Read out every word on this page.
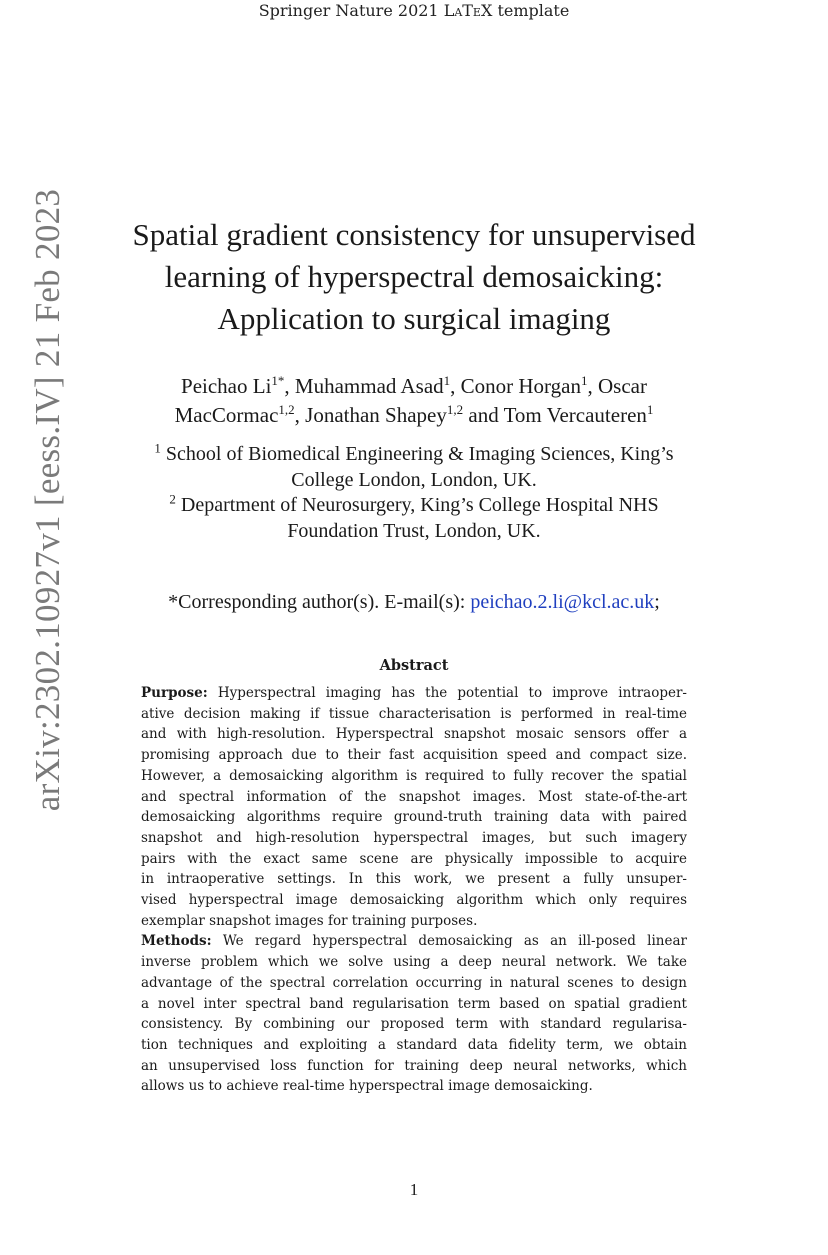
Springer Nature 2021 LaTeX template
arXiv:2302.10927v1 [eess.IV] 21 Feb 2023	Spatial gradient consistency for unsupervised
learning of hyperspectral demosaicking:
Application to surgical imaging
Peichao $Li^{1*}$, Muhammad Asad$^1$, Conor Horgan$^1$, Oscar
MacCormac$^{1,2}$, Jonathan Shapey$^{1,2}$ and Tom Vercauteren$^1$
$^1$ School of Biomedical Engineering & Imaging Sciences, King’s
College London, London, UK.
$^2$ Department of Neurosurgery, King’s College Hospital NHS
Foundation Trust, London, UK.
*Corresponding author(s). E-mail(s): peichao.2.li@kcl.ac.uk;
Abstract
Purpose: Hyperspectral imaging has the potential to improve intraoper-
ative decision making if tissue characterisation is performed in real-time
and with high-resolution. Hyperspectral snapshot mosaic sensors offer a
promising approach due to their fast acquisition speed and compact size.
However, a demosaicking algorithm is required to fully recover the spatial
and spectral information of the snapshot images. Most state-of-the-art
demosaicking algorithms require ground-truth training data with paired
snapshot and high-resolution hyperspectral images, but such imagery
pairs with the exact same scene are physically impossible to acquire
in intraoperative settings. In this work, we present a fully unsuper-
vised hyperspectral image demosaicking algorithm which only requires
exemplar snapshot images for training purposes.
Methods: We regard hyperspectral demosaicking as an ill-posed linear
inverse problem which we solve using a deep neural network. We take
advantage of the spectral correlation occurring in natural scenes to design
a novel inter spectral band regularisation term based on spatial gradient
consistency. By combining our proposed term with standard regularisa-
tion techniques and exploiting a standard data fidelity term, we obtain
an unsupervised loss function for training deep neural networks, which
allows us to achieve real-time hyperspectral image demosaicking.
1
